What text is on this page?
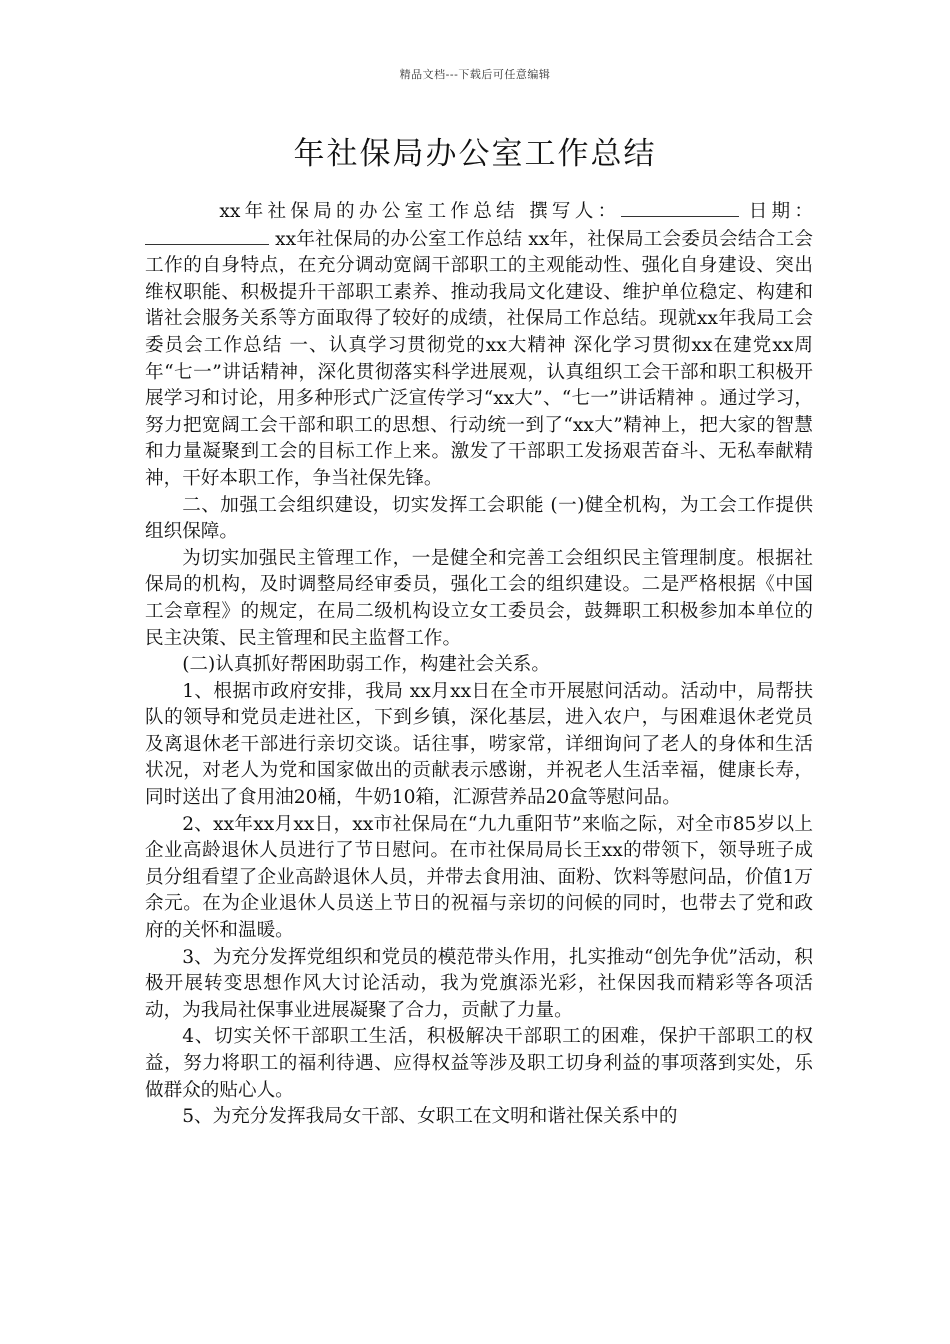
精品文档---下载后可任意编辑
年社保局办公室工作总结

xx年社保局的办公室工作总结 撰写人：	日期： xx年社保局的办公室工作总结 xx年，社保局工会委员会结合工会工作的自身特点，在充分调动宽阔干部职工的主观能动性、强化自身建设、突出维权职能、积极提升干部职工素养、推动我局文化建设、维护单位稳定、构建和谐社会服务关系等方面取得了较好的成绩，社保局工作总结。现就xx年我局工会委员会工作总结 一、认真学习贯彻党的xx大精神 深化学习贯彻xx在建党xx周年“七一”讲话精神，深化贯彻落实科学进展观，认真组织工会干部和职工积极开展学习和讨论，用多种形式广泛宣传学习“xx大”、“七一”讲话精神 。通过学习，努力把宽阔工会干部和职工的思想、行动统一到了“xx大”精神上，把大家的智慧和力量凝聚到工会的目标工作上来。激发了干部职工发扬艰苦奋斗、无私奉献精神，干好本职工作，争当社保先锋。

二、加强工会组织建设，切实发挥工会职能 (一)健全机构，为工会工作提供组织保障。

为切实加强民主管理工作，一是健全和完善工会组织民主管理制度。根据社保局的机构，及时调整局经审委员，强化工会的组织建设。二是严格根据《中国工会章程》的规定，在局二级机构设立女工委员会，鼓舞职工积极参加本单位的民主决策、民主管理和民主监督工作。

(二)认真抓好帮困助弱工作，构建社会关系。

1、根据市政府安排，我局 xx月xx日在全市开展慰问活动。活动中，局帮扶队的领导和党员走进社区，下到乡镇，深化基层，进入农户，与困难退休老党员及离退休老干部进行亲切交谈。话往事，唠家常，详细询问了老人的身体和生活状况，对老人为党和国家做出的贡献表示感谢，并祝老人生活幸福，健康长寿，同时送出了食用油20桶，牛奶10箱，汇源营养品20盒等慰问品。

2、xx年xx月xx日，xx市社保局在“九九重阳节”来临之际，对全市85岁以上企业高龄退休人员进行了节日慰问。在市社保局局长王xx的带领下，领导班子成员分组看望了企业高龄退休人员，并带去食用油、面粉、饮料等慰问品，价值1万余元。在为企业退休人员送上节日的祝福与亲切的问候的同时，也带去了党和政府的关怀和温暖。

3、为充分发挥党组织和党员的模范带头作用，扎实推动“创先争优”活动，积极开展转变思想作风大讨论活动，我为党旗添光彩，社保因我而精彩等各项活动，为我局社保事业进展凝聚了合力，贡献了力量。

4、切实关怀干部职工生活，积极解决干部职工的困难，保护干部职工的权益，努力将职工的福利待遇、应得权益等涉及职工切身利益的事项落到实处，乐做群众的贴心人。

5、为充分发挥我局女干部、女职工在文明和谐社保关系中的
